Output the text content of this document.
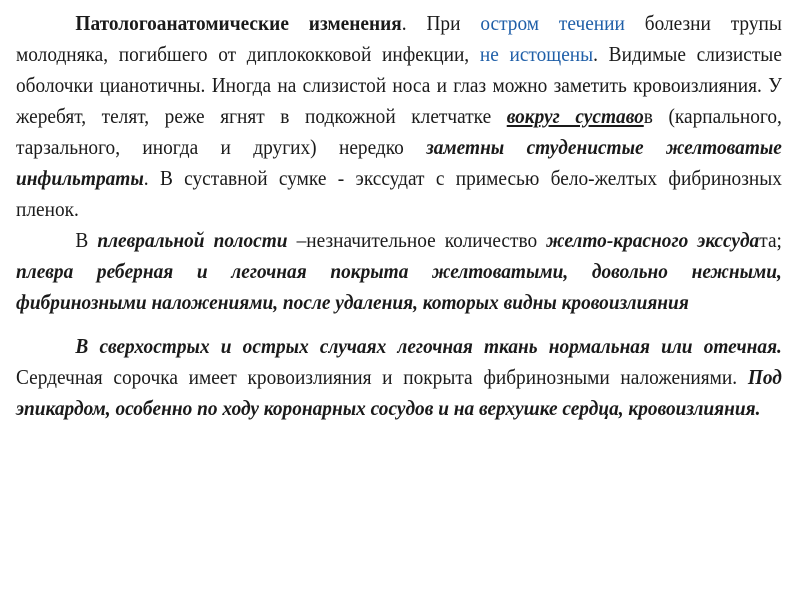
Патологоанатомические изменения. При остром течении болезни трупы молодняка, погибшего от диплококковой инфекции, не истощены. Видимые слизистые оболочки цианотичны. Иногда на слизистой носа и глаз можно заметить кровоизлияния. У жеребят, телят, реже ягнят в подкожной клетчатке вокруг суставов (карпального, тарзального, иногда и других) нередко заметны студенистые желтоватые инфильтраты. В суставной сумке - экссудат с примесью бело-желтых фибринозных пленок.

В плевральной полости –незначительное количество желто-красного экссудата; плевра реберная и легочная покрыта желтоватыми, довольно нежными, фибринозными наложениями, после удаления, которых видны кровоизлияния

В сверхострых и острых случаях легочная ткань нормальная или отечная. Сердечная сорочка имеет кровоизлияния и покрыта фибринозными наложениями. Под эпикардом, особенно по ходу коронарных сосудов и на верхушке сердца, кровоизлияния.
